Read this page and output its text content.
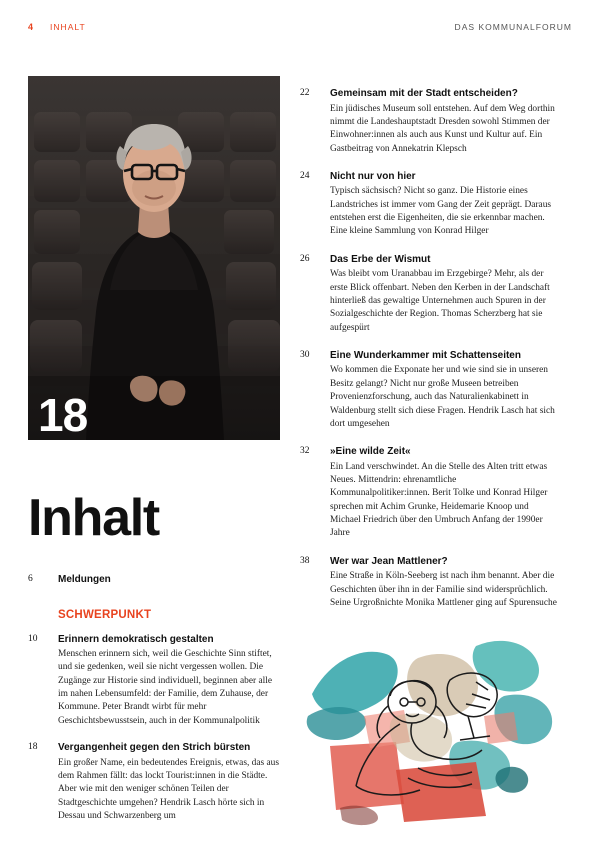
4 INHALT	DAS KOMMUNALFORUM
18
Inhalt
6	Meldungen
SCHWERPUNKT
10 Erinnern demokratisch gestalten
Menschen erinnern sich, weil die Geschichte Sinn stiftet, und sie gedenken, weil sie nicht vergessen wollen. Die Zugänge zur Historie sind individuell, beginnen aber alle im nahen Lebensumfeld: der Familie, dem Zuhause, der Kommune. Peter Brandt wirbt für mehr Geschichtsbewusstsein, auch in der Kommunalpolitik
18 Vergangenheit gegen den Strich bürsten
Ein großer Name, ein bedeutendes Ereignis, etwas, das aus dem Rahmen fällt: das lockt Tourist:innen in die Städte. Aber wie mit den weniger schönen Teilen der Stadtgeschichte umgehen? Hendrik Lasch hörte sich in Dessau und Schwarzenberg um
22 Gemeinsam mit der Stadt entscheiden?
Ein jüdisches Museum soll entstehen. Auf dem Weg dorthin nimmt die Landeshauptstadt Dresden sowohl Stimmen der Einwohner:innen als auch aus Kunst und Kultur auf. Ein Gastbeitrag von Annekatrin Klepsch
24 Nicht nur von hier
Typisch sächsisch? Nicht so ganz. Die Historie eines Landstriches ist immer vom Gang der Zeit geprägt. Daraus entstehen erst die Eigenheiten, die sie erkennbar machen. Eine kleine Sammlung von Konrad Hilger
26 Das Erbe der Wismut
Was bleibt vom Uranabbau im Erzgebirge? Mehr, als der erste Blick offenbart. Neben den Kerben in der Landschaft hinterließ das gewaltige Unternehmen auch Spuren in der Sozialgeschichte der Region. Thomas Scherzberg hat sie aufgespürt
30 Eine Wunderkammer mit Schattenseiten
Wo kommen die Exponate her und wie sind sie in unseren Besitz gelangt? Nicht nur große Museen betreiben Provenienzforschung, auch das Naturalienkabinett in Waldenburg stellt sich diese Fragen. Hendrik Lasch hat sich dort umgesehen
32 »Eine wilde Zeit«
Ein Land verschwindet. An die Stelle des Alten tritt etwas Neues. Mittendrin: ehrenamtliche Kommunalpolitiker:innen. Berit Tolke und Konrad Hilger sprechen mit Achim Grunke, Heidemarie Knoop und Michael Friedrich über den Umbruch Anfang der 1990er Jahre
38 Wer war Jean Mattlener?
Eine Straße in Köln-Seeberg ist nach ihm benannt. Aber die Geschichten über ihn in der Familie sind widersprüchlich. Seine Urgroßnichte Monika Mattlener ging auf Spurensuche
